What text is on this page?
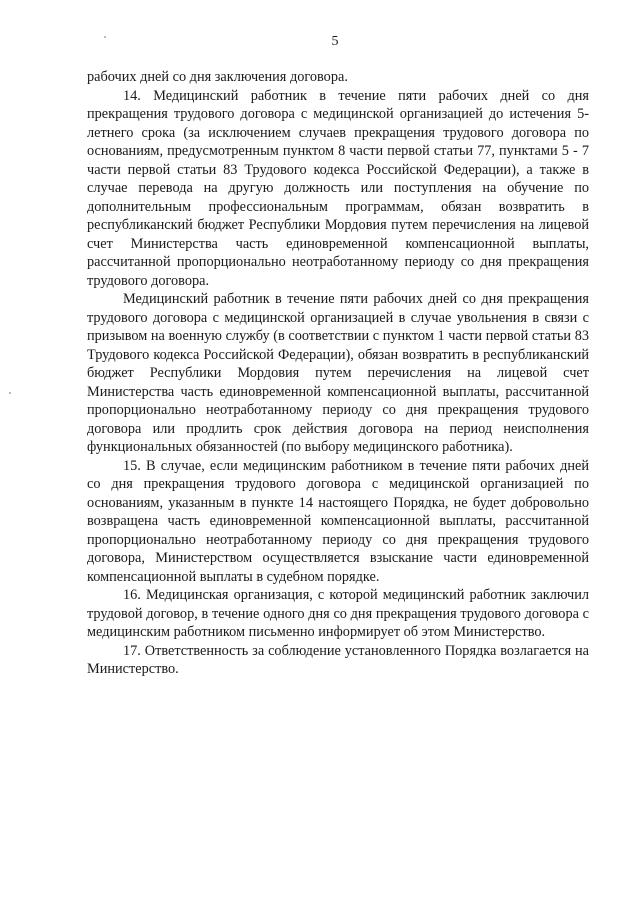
5

рабочих дней со дня заключения договора.

14. Медицинский работник в течение пяти рабочих дней со дня прекращения трудового договора с медицинской организацией до истечения 5-летнего срока (за исключением случаев прекращения трудового договора по основаниям, предусмотренным пунктом 8 части первой статьи 77, пунктами 5 - 7 части первой статьи 83 Трудового кодекса Российской Федерации), а также в случае перевода на другую должность или поступления на обучение по дополнительным профессиональным программам, обязан возвратить в республиканский бюджет Республики Мордовия путем перечисления на лицевой счет Министерства часть единовременной компенсационной выплаты, рассчитанной пропорционально неотработанному периоду со дня прекращения трудового договора.

Медицинский работник в течение пяти рабочих дней со дня прекращения трудового договора с медицинской организацией в случае увольнения в связи с призывом на военную службу (в соответствии с пунктом 1 части первой статьи 83 Трудового кодекса Российской Федерации), обязан возвратить в республиканский бюджет Республики Мордовия путем перечисления на лицевой счет Министерства часть единовременной компенсационной выплаты, рассчитанной пропорционально неотработанному периоду со дня прекращения трудового договора или продлить срок действия договора на период неисполнения функциональных обязанностей (по выбору медицинского работника).

15. В случае, если медицинским работником в течение пяти рабочих дней со дня прекращения трудового договора с медицинской организацией по основаниям, указанным в пункте 14 настоящего Порядка, не будет добровольно возвращена часть единовременной компенсационной выплаты, рассчитанной пропорционально неотработанному периоду со дня прекращения трудового договора, Министерством осуществляется взыскание части единовременной компенсационной выплаты в судебном порядке.

16. Медицинская организация, с которой медицинский работник заключил трудовой договор, в течение одного дня со дня прекращения трудового договора с медицинским работником письменно информирует об этом Министерство.

17. Ответственность за соблюдение установленного Порядка возлагается на Министерство.
